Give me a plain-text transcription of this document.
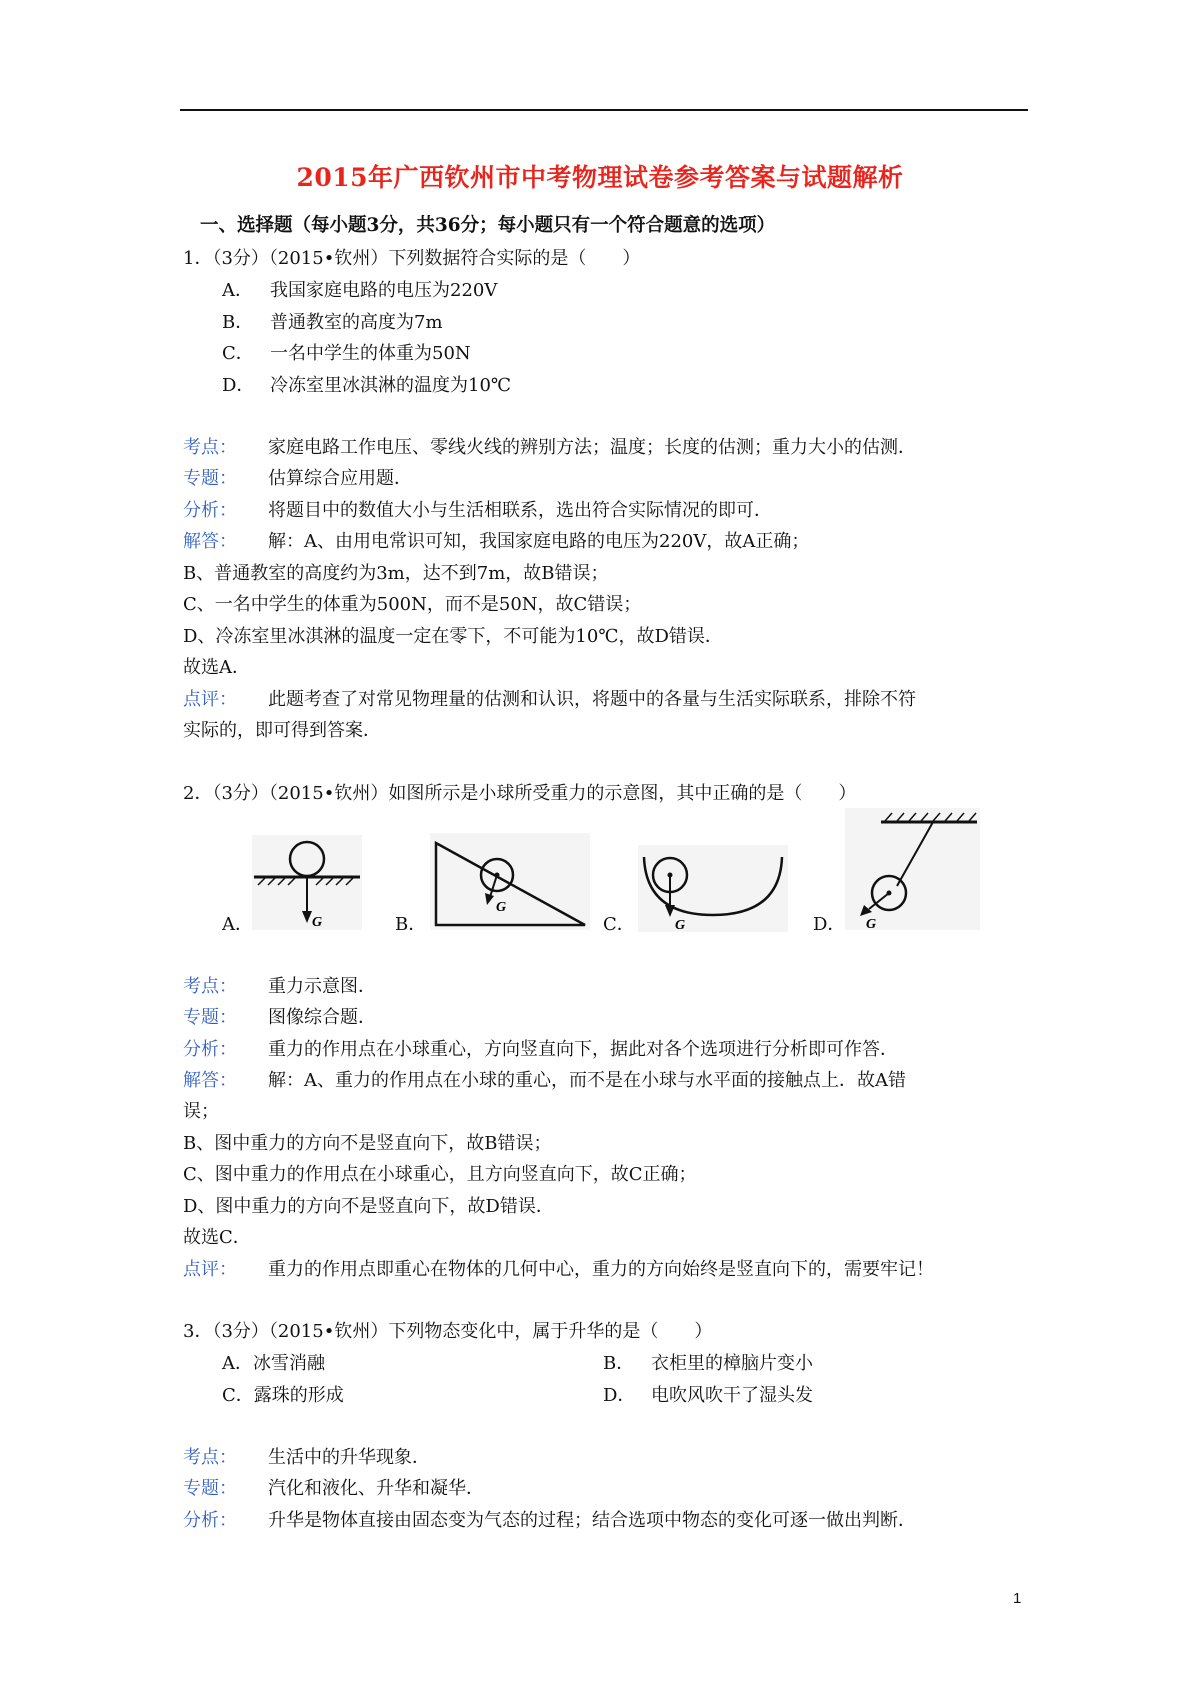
2015年广西钦州市中考物理试卷参考答案与试题解析
一、选择题（每小题3分，共36分；每小题只有一个符合题意的选项）
1．（3分）（2015•钦州）下列数据符合实际的是（　　）
A． 我国家庭电路的电压为220V
B． 普通教室的高度为7m
C． 一名中学生的体重为50N
D． 冷冻室里冰淇淋的温度为10℃
考点： 家庭电路工作电压、零线火线的辨别方法；温度；长度的估测；重力大小的估测．
专题： 估算综合应用题．
分析： 将题目中的数值大小与生活相联系，选出符合实际情况的即可．
解答： 解：A、由用电常识可知，我国家庭电路的电压为220V，故A正确；
B、普通教室的高度约为3m，达不到7m，故B错误；
C、一名中学生的体重为500N，而不是50N，故C错误；
D、冷冻室里冰淇淋的温度一定在零下，不可能为10℃，故D错误．
故选A．
点评： 此题考查了对常见物理量的估测和认识，将题中的各量与生活实际联系，排除不符
实际的，即可得到答案．
2．（3分）（2015•钦州）如图所示是小球所受重力的示意图，其中正确的是（　　）
G
A．
G
B．	G
C．	G
D．
考点： 重力示意图．
专题： 图像综合题．
分析： 重力的作用点在小球重心，方向竖直向下，据此对各个选项进行分析即可作答．
解答： 解：A、重力的作用点在小球的重心，而不是在小球与水平面的接触点上．故A错
误；
B、图中重力的方向不是竖直向下，故B错误；
C、图中重力的作用点在小球重心，且方向竖直向下，故C正确；
D、图中重力的方向不是竖直向下，故D错误．
故选C．
点评： 重力的作用点即重心在物体的几何中心，重力的方向始终是竖直向下的，需要牢记！
3．（3分）（2015•钦州）下列物态变化中，属于升华的是（　　）
A．冰雪消融	B． 衣柜里的樟脑片变小
C．露珠的形成	D． 电吹风吹干了湿头发
考点： 生活中的升华现象．
专题： 汽化和液化、升华和凝华．
分析： 升华是物体直接由固态变为气态的过程；结合选项中物态的变化可逐一做出判断．
1
